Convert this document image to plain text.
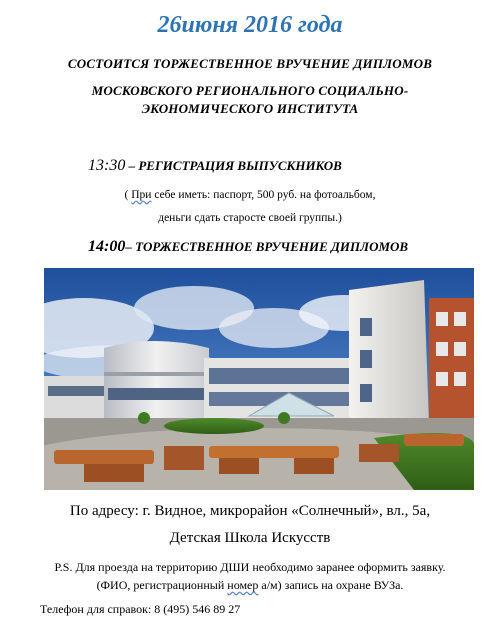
26июня 2016 года
СОСТОИТСЯ ТОРЖЕСТВЕННОЕ ВРУЧЕНИЕ ДИПЛОМОВ
МОСКОВСКОГО РЕГИОНАЛЬНОГО СОЦИАЛЬНО-
ЭКОНОМИЧЕСКОГО ИНСТИТУТА
13:30 – РЕГИСТРАЦИЯ ВЫПУСКНИКОВ
( При себе иметь: паспорт, 500 руб. на фотоальбом,
деньги сдать старосте своей группы.)
14:00– ТОРЖЕСТВЕННОЕ ВРУЧЕНИЕ ДИПЛОМОВ
По адресу: г. Видное, микрорайон «Солнечный», вл., 5а,
Детская Школа Искусств
P.S. Для проезда на территорию ДШИ необходимо заранее оформить заявку.
(ФИО, регистрационный номер а/м) запись на охране ВУЗа.
Телефон для справок: 8 (495) 546 89 27
